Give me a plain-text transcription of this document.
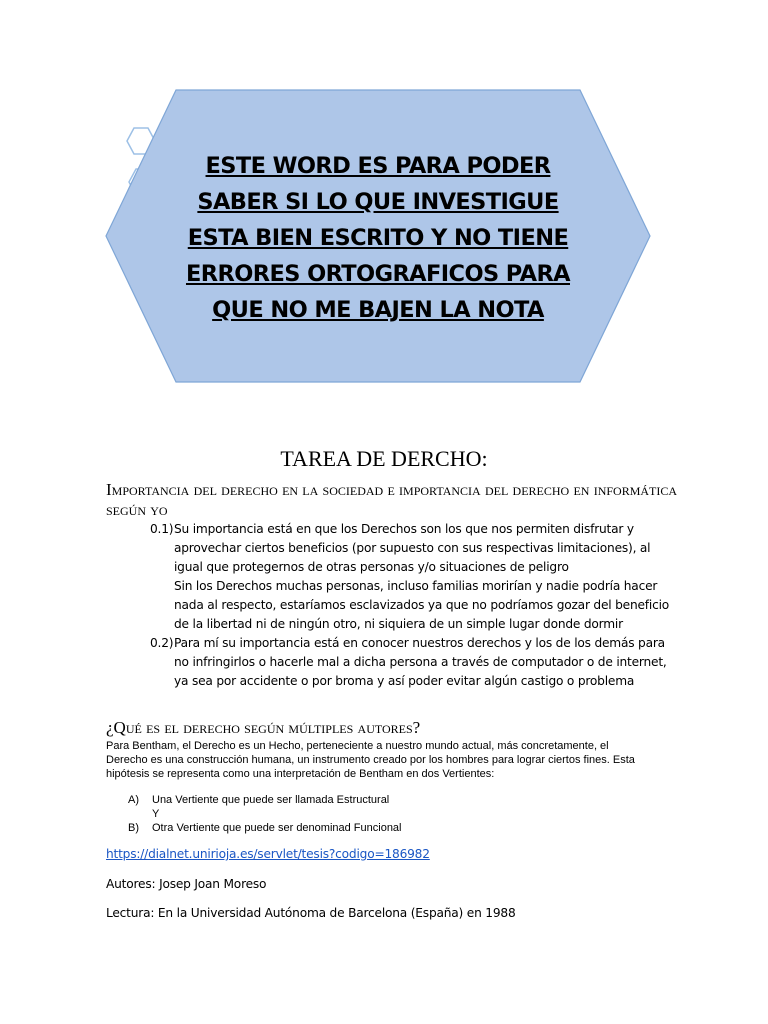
ESTE WORD ES PARA PODER
SABER SI LO QUE INVESTIGUE
ESTA BIEN ESCRITO Y NO TIENE
ERRORES ORTOGRAFICOS PARA
QUE NO ME BAJEN LA NOTA
TAREA DE DERCHO:
Importancia del derecho en la sociedad e importancia del derecho en informática según yo
0.1) Su importancia está en que los Derechos son los que nos permiten disfrutar y aprovechar ciertos beneficios (por supuesto con sus respectivas limitaciones), al igual que protegernos de otras personas y/o situaciones de peligro
Sin los Derechos muchas personas, incluso familias morirían y nadie podría hacer nada al respecto, estaríamos esclavizados ya que no podríamos gozar del beneficio de la libertad ni de ningún otro, ni siquiera de un simple lugar donde dormir
0.2) Para mí su importancia está en conocer nuestros derechos y los de los demás para no infringirlos o hacerle mal a dicha persona a través de computador o de internet, ya sea por accidente o por broma y así poder evitar algún castigo o problema
¿Qué es el derecho según múltiples autores?
Para Bentham, el Derecho es un Hecho, perteneciente a nuestro mundo actual, más concretamente, el Derecho es una construcción humana, un instrumento creado por los hombres para lograr ciertos fines. Esta hipótesis se representa como una interpretación de Bentham en dos Vertientes:
A)	Una Vertiente que puede ser llamada Estructural
Y
B)	Otra Vertiente que puede ser denominad Funcional
https://dialnet.unirioja.es/servlet/tesis?codigo=186982
Autores: Josep Joan Moreso
Lectura: En la Universidad Autónoma de Barcelona (España) en 1988
